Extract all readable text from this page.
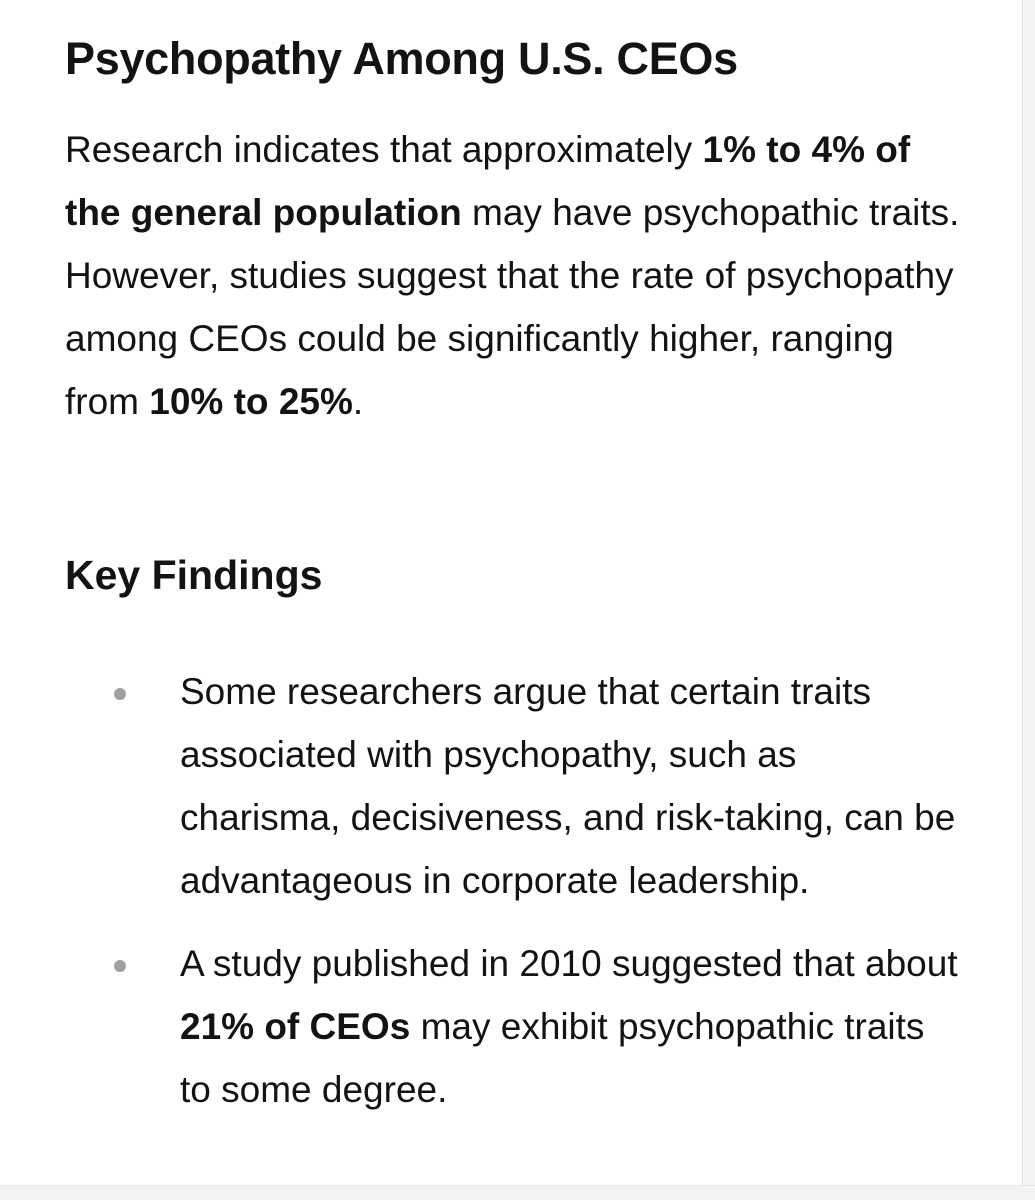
Psychopathy Among U.S. CEOs

Research indicates that approximately 1% to 4% of the general population may have psychopathic traits. However, studies suggest that the rate of psychopathy among CEOs could be significantly higher, ranging from 10% to 25%.

Key Findings
Some researchers argue that certain traits associated with psychopathy, such as charisma, decisiveness, and risk-taking, can be advantageous in corporate leadership.
A study published in 2010 suggested that about 21% of CEOs may exhibit psychopathic traits to some degree.
